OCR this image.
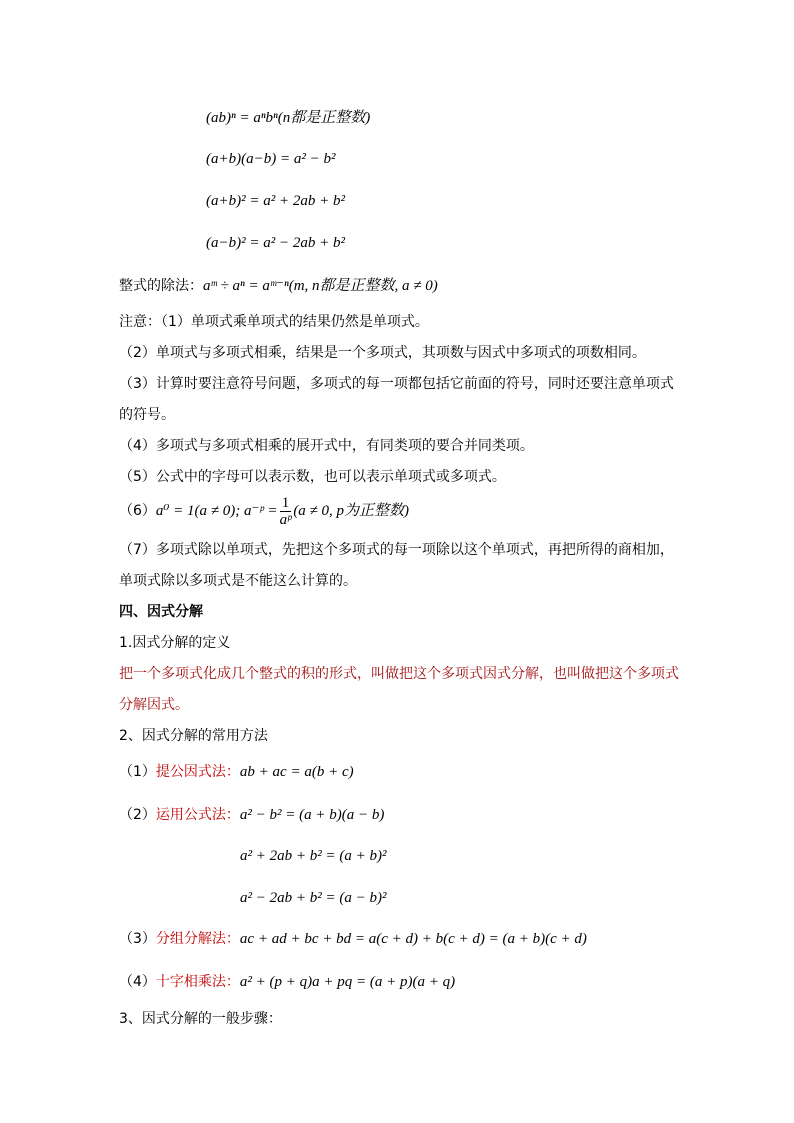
(ab)ⁿ = aⁿbⁿ(n都是正整数)
(a+b)(a−b) = a² − b²
(a+b)² = a² + 2ab + b²
(a−b)² = a² − 2ab + b²
整式的除法：aᵐ ÷ aⁿ = aᵐ⁻ⁿ(m, n都是正整数, a ≠ 0)
注意：（1）单项式乘单项式的结果仍然是单项式。
（2）单项式与多项式相乘，结果是一个多项式，其项数与因式中多项式的项数相同。
（3）计算时要注意符号问题，多项式的每一项都包括它前面的符号，同时还要注意单项式
的符号。
（4）多项式与多项式相乘的展开式中，有同类项的要合并同类项。
（5）公式中的字母可以表示数，也可以表示单项式或多项式。
（6）a⁰ = 1(a ≠ 0); a⁻ᵖ = $\frac{1}{\text{aᵖ}} (a \ne 0$, p为正整数)
（7）多项式除以单项式，先把这个多项式的每一项除以这个单项式，再把所得的商相加，
单项式除以多项式是不能这么计算的。
四、因式分解
1.因式分解的定义
把一个多项式化成几个整式的积的形式，叫做把这个多项式因式分解，也叫做把这个多项式
分解因式。
2、因式分解的常用方法
（1）提公因式法：ab + ac = a(b + c)
（2）运用公式法：a² − b² = (a + b)(a − b)
a² + 2ab + b² = (a + b)²
a² − 2ab + b² = (a − b)²
（3）分组分解法：ac + ad + bc + bd = a(c + d) + b(c + d) = (a + b)(c + d)
（4）十字相乘法：a² + (p + q)a + pq = (a + p)(a + q)
3、因式分解的一般步骤：
